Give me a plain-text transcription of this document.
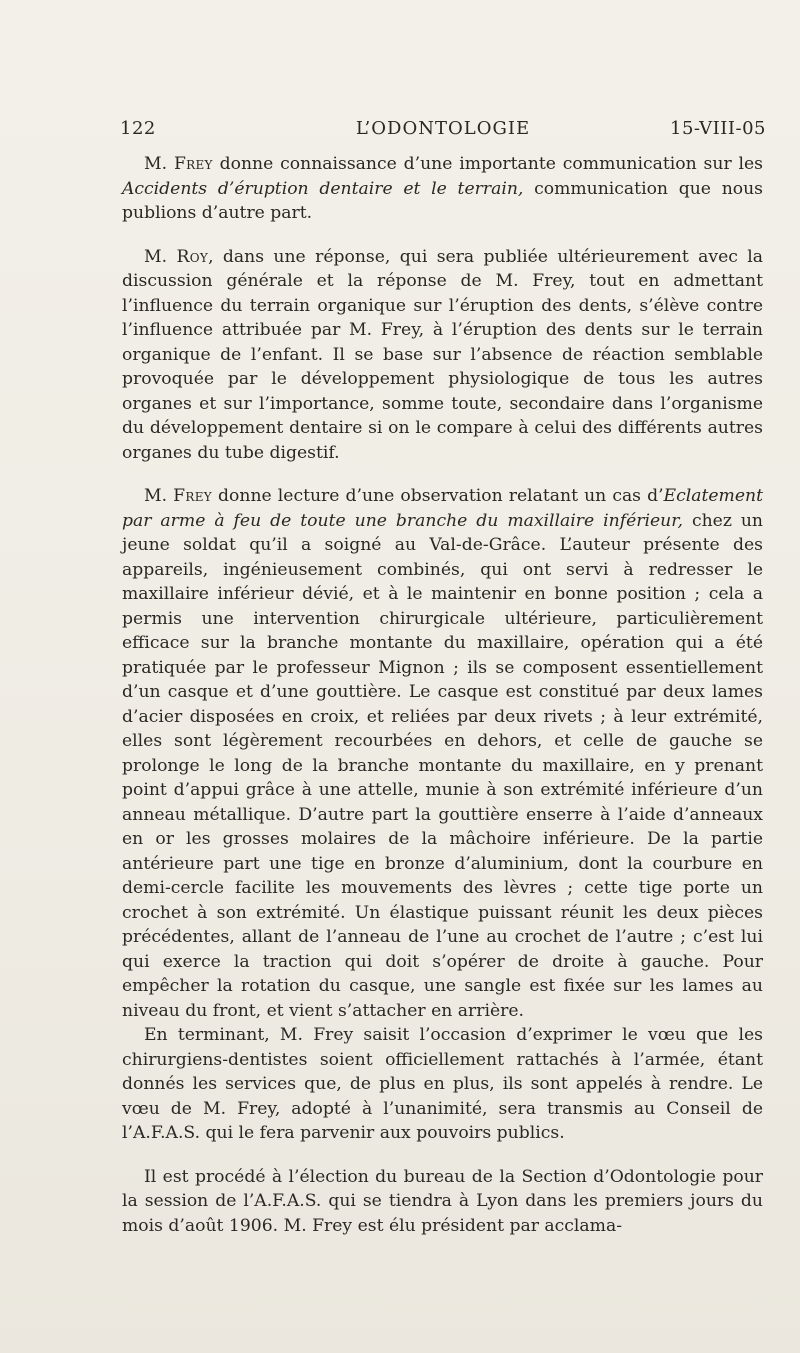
122	L’ODONTOLOGIE	15-VIII-05

M. Frey donne connaissance d’une importante communication sur les Accidents d’éruption dentaire et le terrain, communication que nous publions d’autre part.

M. Roy, dans une réponse, qui sera publiée ultérieurement avec la discussion générale et la réponse de M. Frey, tout en admettant l’influence du terrain organique sur l’éruption des dents, s’élève contre l’influence attribuée par M. Frey, à l’éruption des dents sur le terrain organique de l’enfant. Il se base sur l’absence de réaction semblable provoquée par le développement physiologique de tous les autres organes et sur l’importance, somme toute, secondaire dans l’organisme du développement dentaire si on le compare à celui des différents autres organes du tube digestif.

M. Frey donne lecture d’une observation relatant un cas d’Eclatement par arme à feu de toute une branche du maxillaire inférieur, chez un jeune soldat qu’il a soigné au Val-de-Grâce. L’auteur présente des appareils, ingénieusement combinés, qui ont servi à redresser le maxillaire inférieur dévié, et à le maintenir en bonne position ; cela a permis une intervention chirurgicale ultérieure, particulièrement efficace sur la branche montante du maxillaire, opération qui a été pratiquée par le professeur Mignon ; ils se composent essentiellement d’un casque et d’une gouttière. Le casque est constitué par deux lames d’acier disposées en croix, et reliées par deux rivets ; à leur extrémité, elles sont légèrement recourbées en dehors, et celle de gauche se prolonge le long de la branche montante du maxillaire, en y prenant point d’appui grâce à une attelle, munie à son extrémité inférieure d’un anneau métallique. D’autre part la gouttière enserre à l’aide d’anneaux en or les grosses molaires de la mâchoire inférieure. De la partie antérieure part une tige en bronze d’aluminium, dont la courbure en demi-cercle facilite les mouvements des lèvres ; cette tige porte un crochet à son extrémité. Un élastique puissant réunit les deux pièces précédentes, allant de l’anneau de l’une au crochet de l’autre ; c’est lui qui exerce la traction qui doit s’opérer de droite à gauche. Pour empêcher la rotation du casque, une sangle est fixée sur les lames au niveau du front, et vient s’attacher en arrière.

En terminant, M. Frey saisit l’occasion d’exprimer le vœu que les chirurgiens-dentistes soient officiellement rattachés à l’armée, étant donnés les services que, de plus en plus, ils sont appelés à rendre. Le vœu de M. Frey, adopté à l’unanimité, sera transmis au Conseil de l’A.F.A.S. qui le fera parvenir aux pouvoirs publics.

Il est procédé à l’élection du bureau de la Section d’Odontologie pour la session de l’A.F.A.S. qui se tiendra à Lyon dans les premiers jours du mois d’août 1906. M. Frey est élu président par acclama-
